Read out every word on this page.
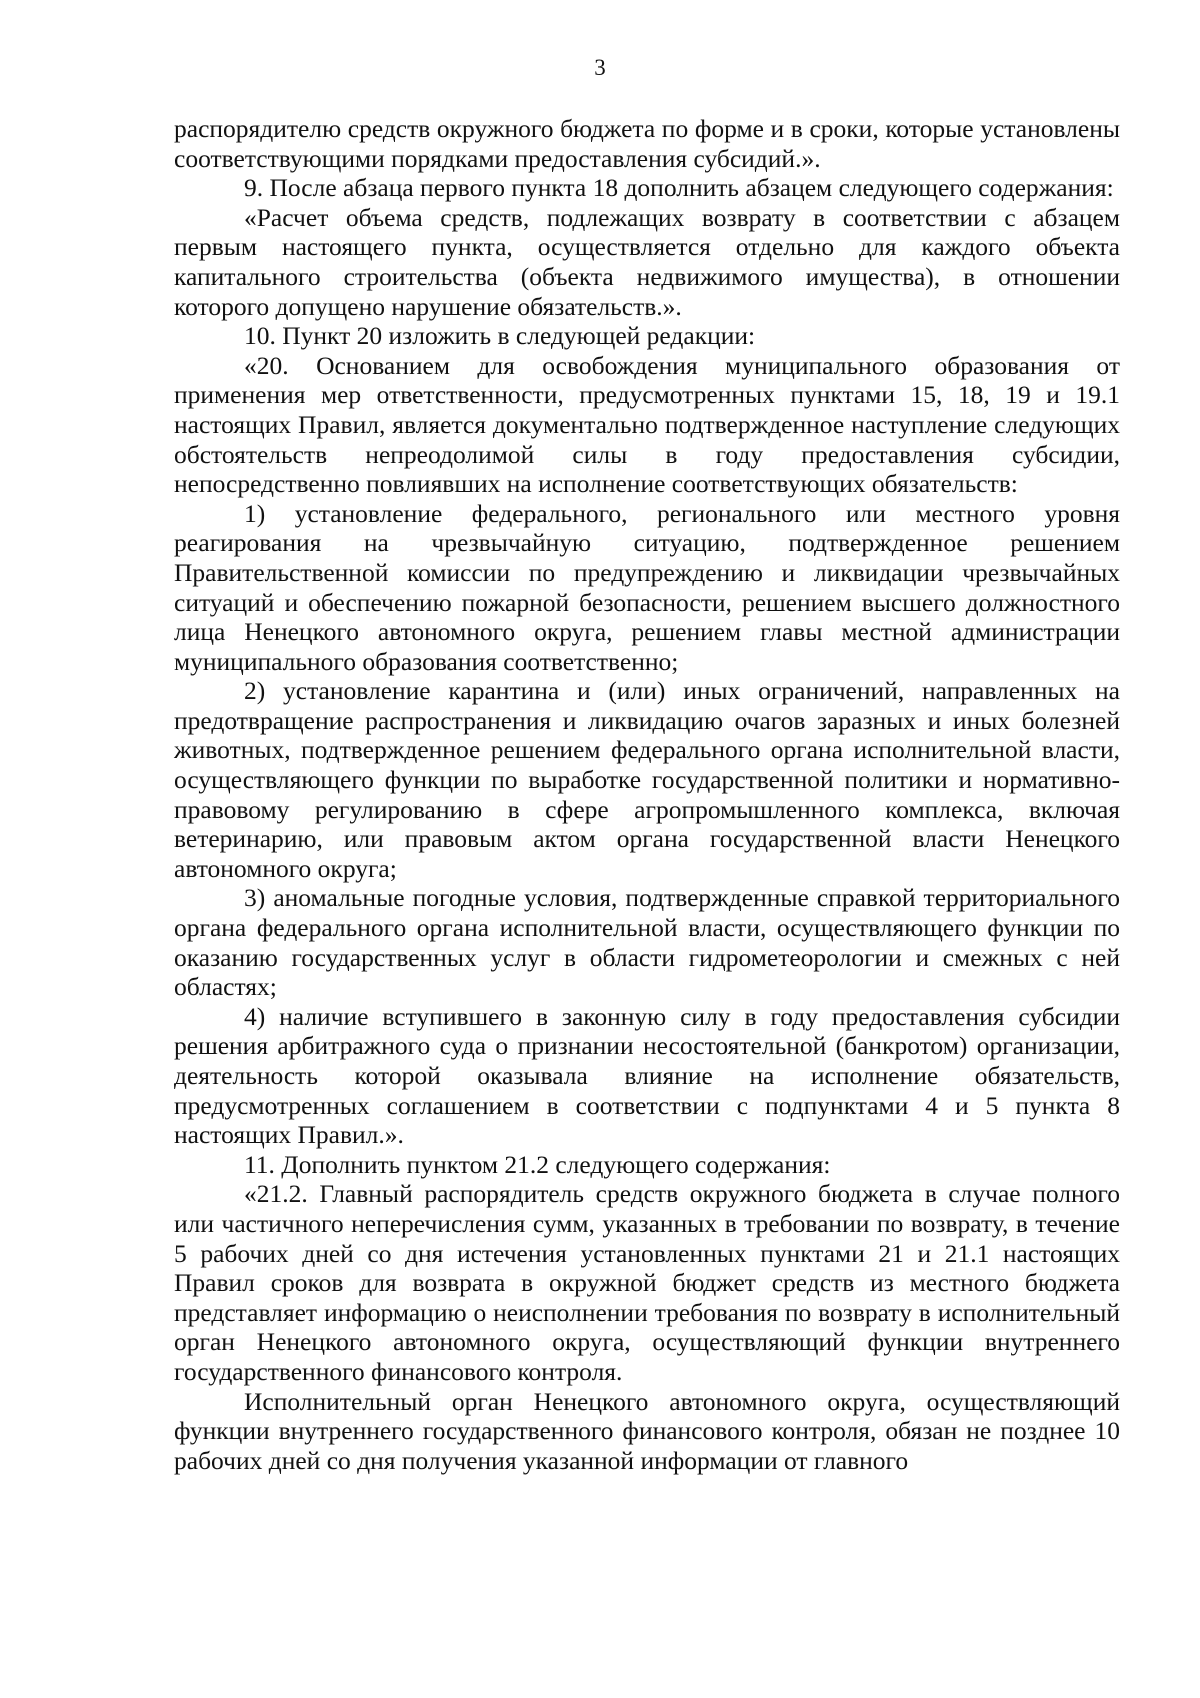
3

распорядителю средств окружного бюджета по форме и в сроки, которые установлены соответствующими порядками предоставления субсидий.».

9. После абзаца первого пункта 18 дополнить абзацем следующего содержания:

«Расчет объема средств, подлежащих возврату в соответствии с абзацем первым настоящего пункта, осуществляется отдельно для каждого объекта капитального строительства (объекта недвижимого имущества), в отношении которого допущено нарушение обязательств.».

10. Пункт 20 изложить в следующей редакции:

«20. Основанием для освобождения муниципального образования от применения мер ответственности, предусмотренных пунктами 15, 18, 19 и 19.1 настоящих Правил, является документально подтвержденное наступление следующих обстоятельств непреодолимой силы в году предоставления субсидии, непосредственно повлиявших на исполнение соответствующих обязательств:

1) установление федерального, регионального или местного уровня реагирования на чрезвычайную ситуацию, подтвержденное решением Правительственной комиссии по предупреждению и ликвидации чрезвычайных ситуаций и обеспечению пожарной безопасности, решением высшего должностного лица Ненецкого автономного округа, решением главы местной администрации муниципального образования соответственно;

2) установление карантина и (или) иных ограничений, направленных на предотвращение распространения и ликвидацию очагов заразных и иных болезней животных, подтвержденное решением федерального органа исполнительной власти, осуществляющего функции по выработке государственной политики и нормативно-правовому регулированию в сфере агропромышленного комплекса, включая ветеринарию, или правовым актом органа государственной власти Ненецкого автономного округа;

3) аномальные погодные условия, подтвержденные справкой территориального органа федерального органа исполнительной власти, осуществляющего функции по оказанию государственных услуг в области гидрометеорологии и смежных с ней областях;

4) наличие вступившего в законную силу в году предоставления субсидии решения арбитражного суда о признании несостоятельной (банкротом) организации, деятельность которой оказывала влияние на исполнение обязательств, предусмотренных соглашением в соответствии с подпунктами 4 и 5 пункта 8 настоящих Правил.».

11. Дополнить пунктом 21.2 следующего содержания:

«21.2. Главный распорядитель средств окружного бюджета в случае полного или частичного неперечисления сумм, указанных в требовании по возврату, в течение 5 рабочих дней со дня истечения установленных пунктами 21 и 21.1 настоящих Правил сроков для возврата в окружной бюджет средств из местного бюджета представляет информацию о неисполнении требования по возврату в исполнительный орган Ненецкого автономного округа, осуществляющий функции внутреннего государственного финансового контроля.

Исполнительный орган Ненецкого автономного округа, осуществляющий функции внутреннего государственного финансового контроля, обязан не позднее 10 рабочих дней со дня получения указанной информации от главного
